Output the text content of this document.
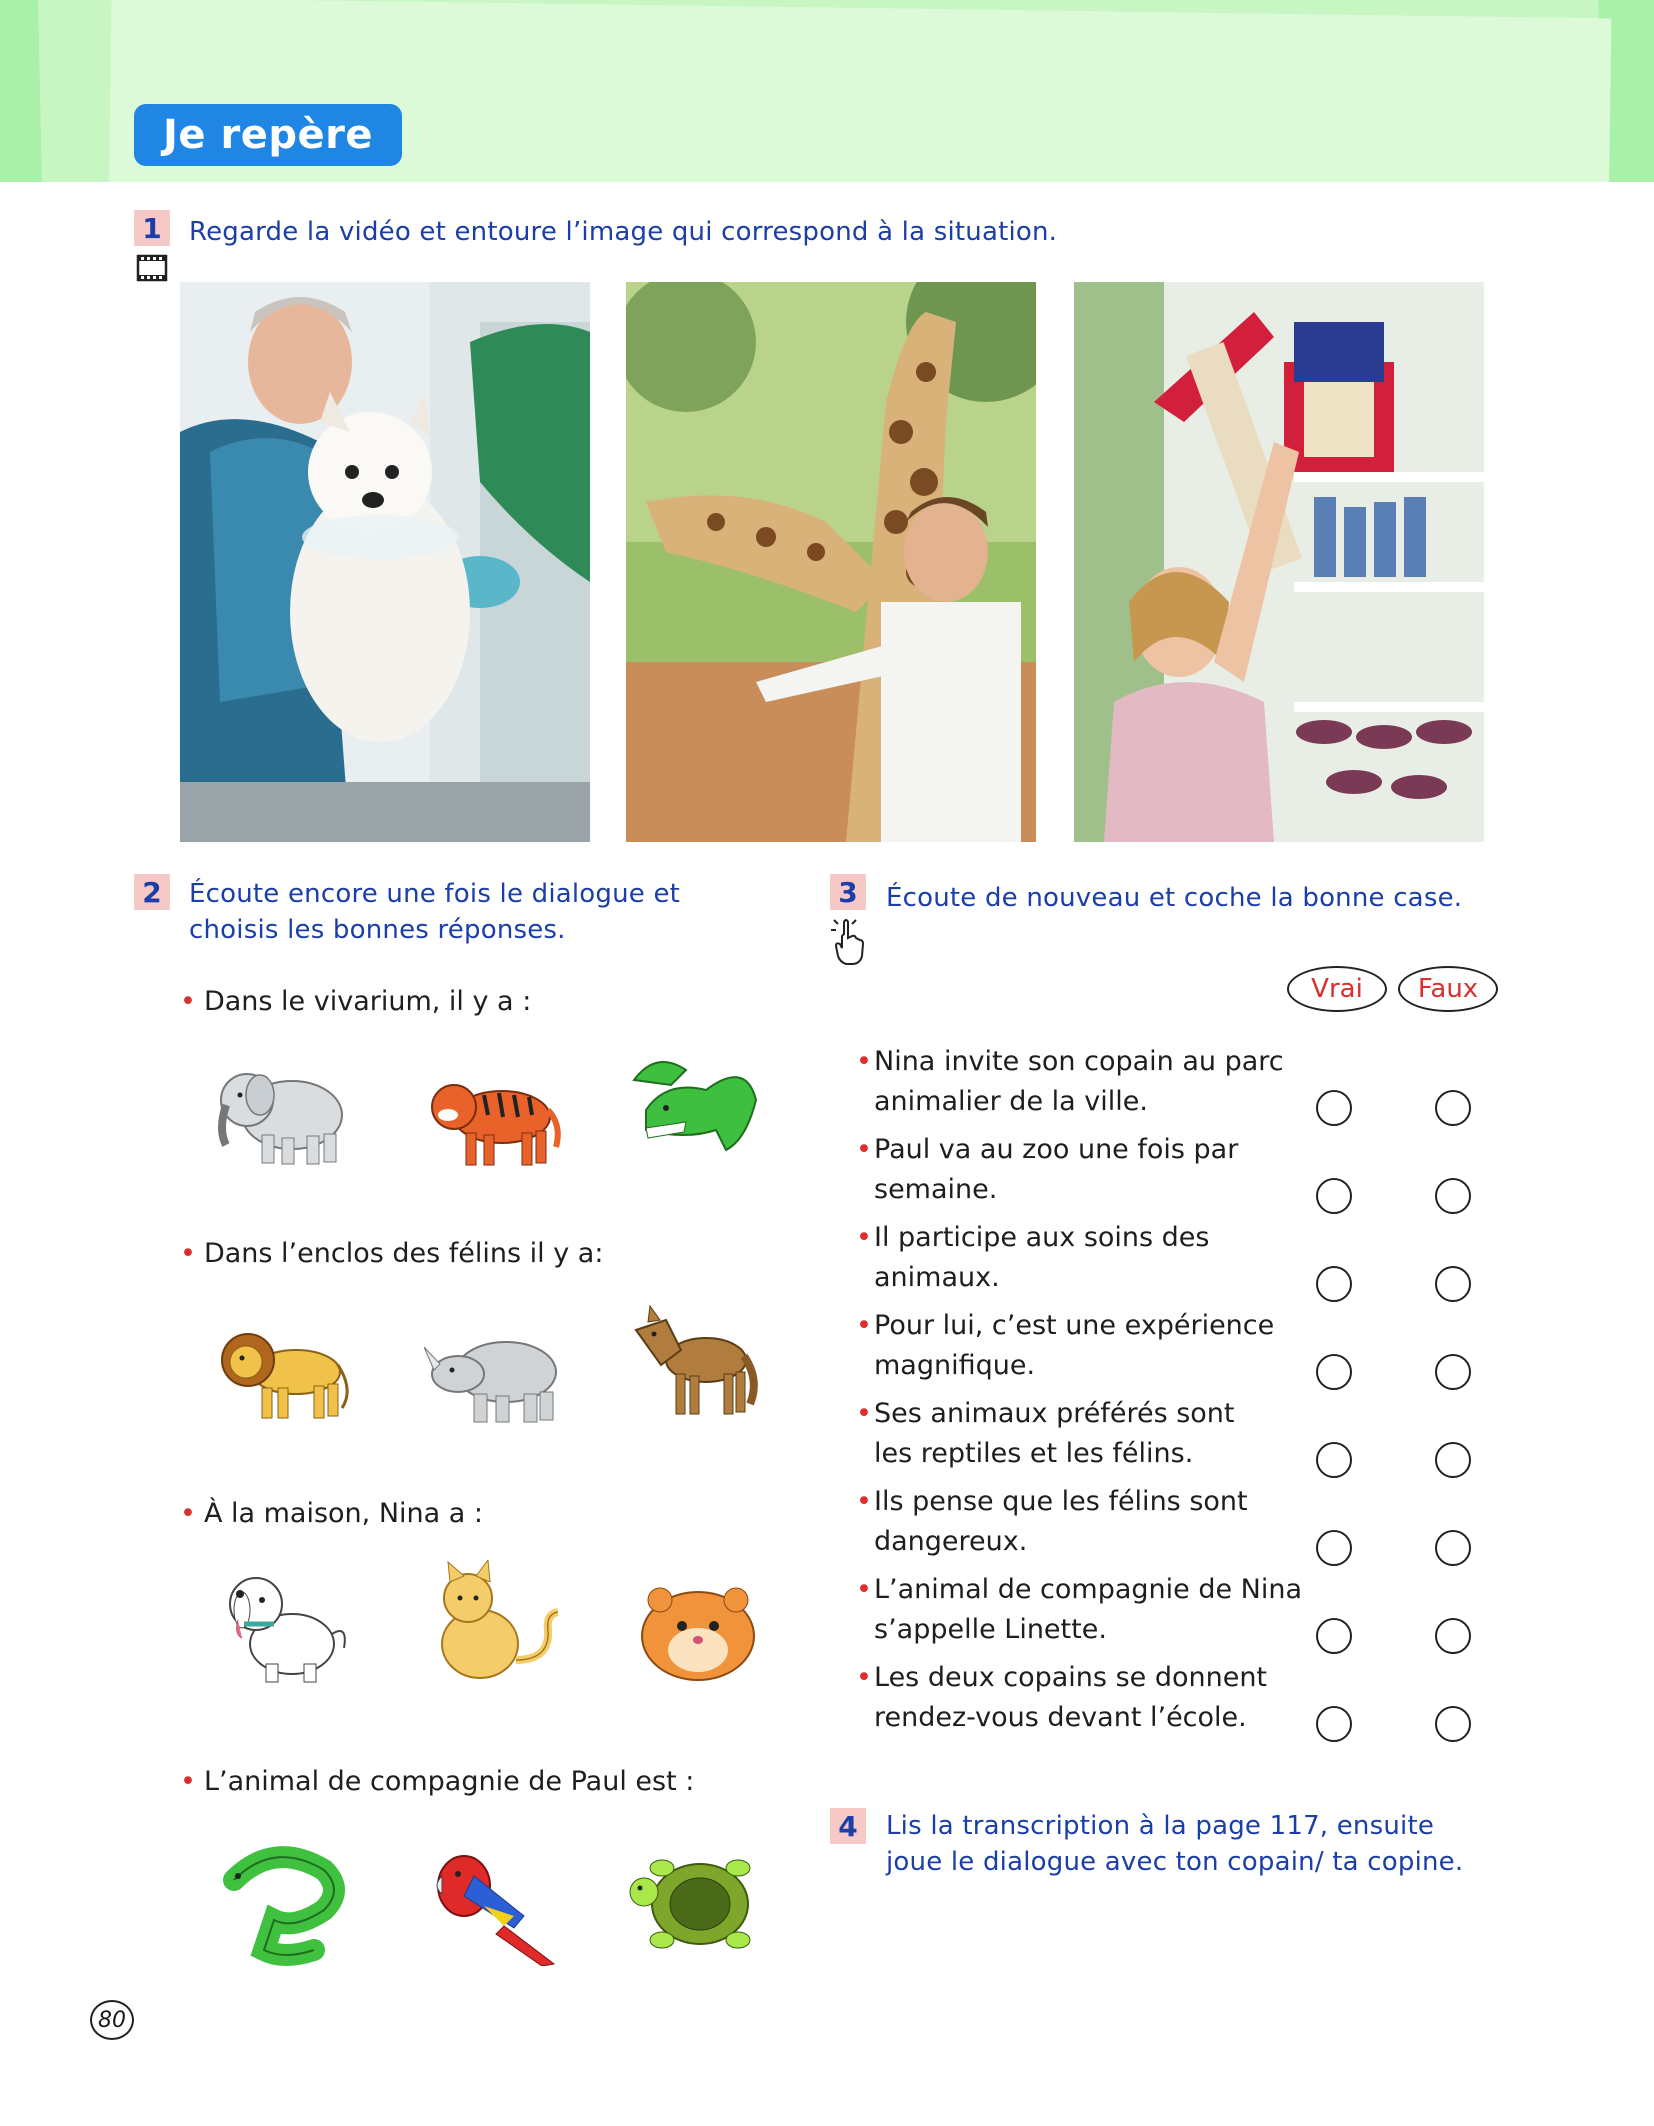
Je repère
1	Regarde la vidéo et entoure l’image qui correspond à la situation.
2	Écoute encore une fois le dialogue et
choisis les bonnes réponses.
• Dans le vivarium, il y a :
• Dans l’enclos des félins il y a:
• À la maison, Nina a :
• L’animal de compagnie de Paul est :
3	Écoute de nouveau et coche la bonne case.
Vrai	Faux
• Nina invite son copain au parc
animalier de la ville.
• Paul va au zoo une fois par
semaine.
• Il participe aux soins des
animaux.
• Pour lui, c’est une expérience
magnifique.
• Ses animaux préférés sont
les reptiles et les félins.
• Ils pense que les félins sont
dangereux.
• L’animal de compagnie de Nina
s’appelle Linette.
• Les deux copains se donnent
rendez-vous devant l’école.
4	Lis la transcription à la page 117, ensuite
joue le dialogue avec ton copain/ ta copine.
80
